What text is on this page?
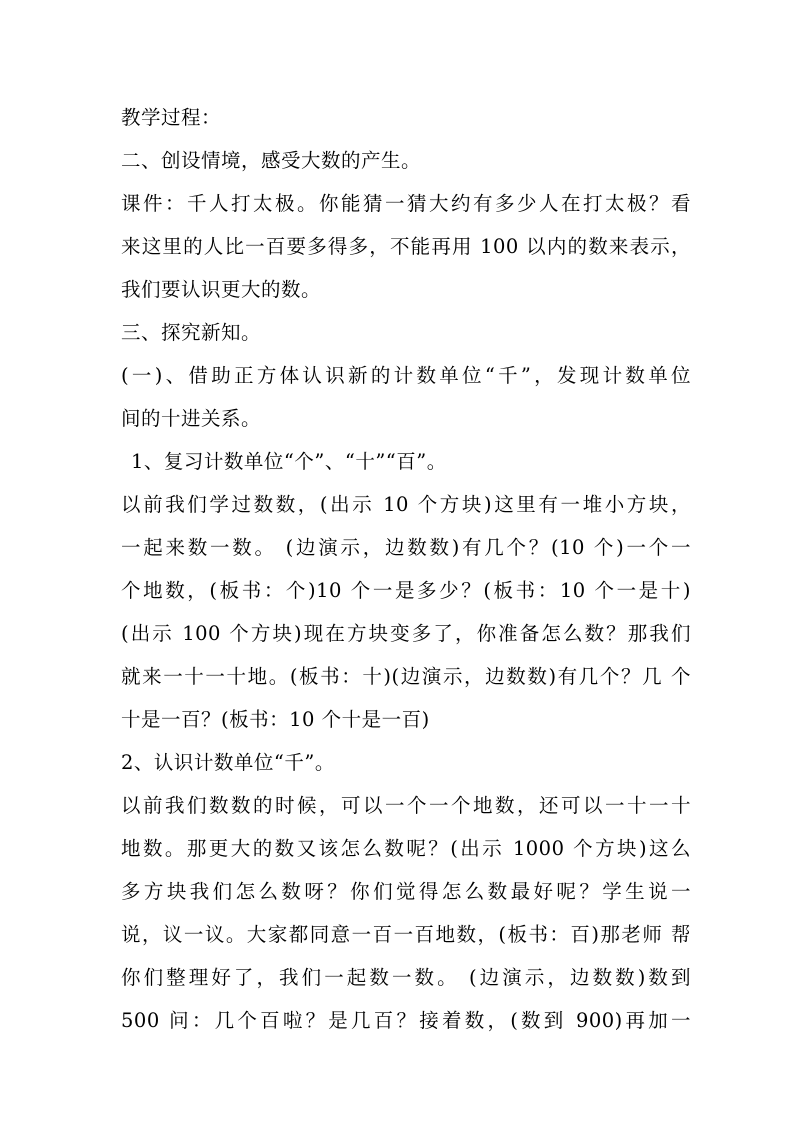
教学过程：
二、创设情境，感受大数的产生。
课件：千人打太极。你能猜一猜大约有多少人在打太极？看
来这里的人比一百要多得多，不能再用 100 以内的数来表示，
我们要认识更大的数。
三、探究新知。
(一)、借助正方体认识新的计数单位“千”，发现计数单位
间的十进关系。
1、复习计数单位“个”、“十”“百”。
以前我们学过数数，(出示 10 个方块)这里有一堆小方块，
一起来数一数。 (边演示，边数数)有几个？(10 个)一个一
个地数，(板书：个)10 个一是多少？(板书：10 个一是十)
(出示 100 个方块)现在方块变多了，你准备怎么数？那我们
就来一十一十地。(板书：十)(边演示，边数数)有几个？几 个
十是一百？(板书：10 个十是一百)
2、认识计数单位“千”。
以前我们数数的时候，可以一个一个地数，还可以一十一十
地数。那更大的数又该怎么数呢？(出示 1000 个方块)这么
多方块我们怎么数呀？你们觉得怎么数最好呢？学生说一
说，议一议。大家都同意一百一百地数，(板书：百)那老师 帮
你们整理好了，我们一起数一数。 (边演示，边数数)数到
500 问：几个百啦？是几百？接着数，(数到 900)再加一
